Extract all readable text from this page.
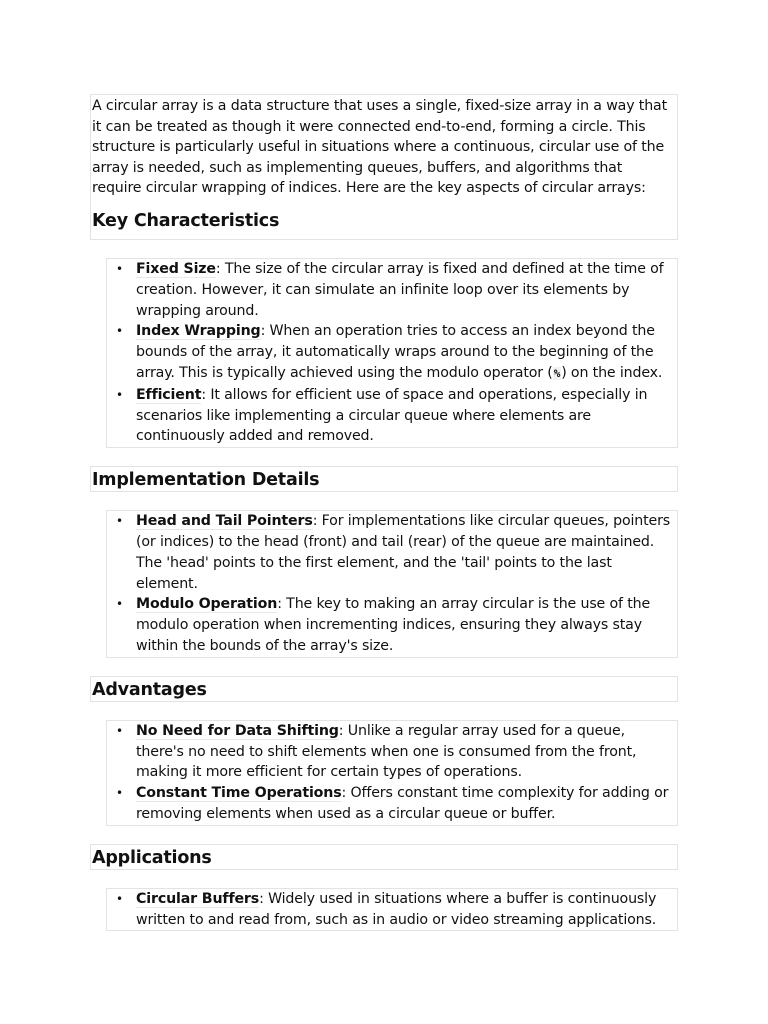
A circular array is a data structure that uses a single, fixed-size array in a way that it can be treated as though it were connected end-to-end, forming a circle. This structure is particularly useful in situations where a continuous, circular use of the array is needed, such as implementing queues, buffers, and algorithms that require circular wrapping of indices. Here are the key aspects of circular arrays:

Key Characteristics
• Fixed Size: The size of the circular array is fixed and defined at the time of creation. However, it can simulate an infinite loop over its elements by wrapping around.
• Index Wrapping: When an operation tries to access an index beyond the bounds of the array, it automatically wraps around to the beginning of the array. This is typically achieved using the modulo operator (%) on the index.
• Efficient: It allows for efficient use of space and operations, especially in scenarios like implementing a circular queue where elements are continuously added and removed.
Implementation Details
• Head and Tail Pointers: For implementations like circular queues, pointers (or indices) to the head (front) and tail (rear) of the queue are maintained. The 'head' points to the first element, and the 'tail' points to the last element.
• Modulo Operation: The key to making an array circular is the use of the modulo operation when incrementing indices, ensuring they always stay within the bounds of the array's size.
Advantages
• No Need for Data Shifting: Unlike a regular array used for a queue, there's no need to shift elements when one is consumed from the front, making it more efficient for certain types of operations.
• Constant Time Operations: Offers constant time complexity for adding or removing elements when used as a circular queue or buffer.
Applications
• Circular Buffers: Widely used in situations where a buffer is continuously written to and read from, such as in audio or video streaming applications.
